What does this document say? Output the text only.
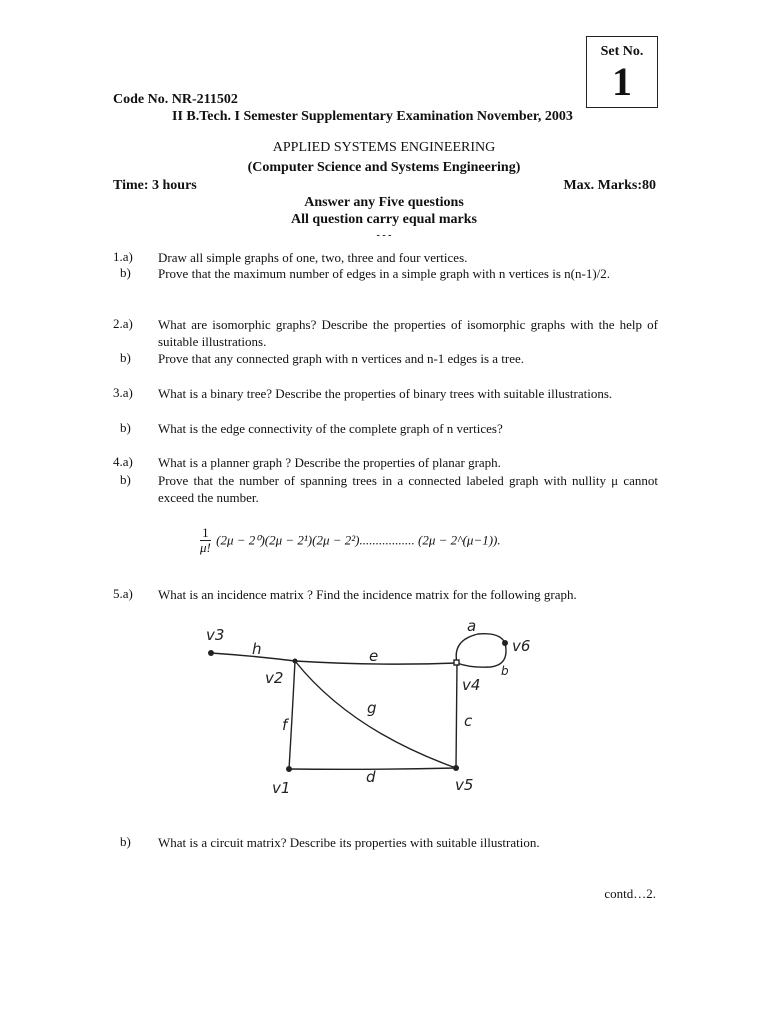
Set No.
1
Code No. NR-211502
II B.Tech. I Semester Supplementary Examination November, 2003
APPLIED SYSTEMS ENGINEERING
(Computer Science and Systems Engineering)
Time: 3 hours	Max. Marks:80
Answer any Five questions
All question carry equal marks
- - -
1.a)	Draw all simple graphs of one, two, three and four vertices.
b)	Prove that the maximum number of edges in a simple graph with n vertices is n(n-1)/2.
2.a)	What are isomorphic graphs? Describe the properties of isomorphic graphs with the help of suitable illustrations.
b)	Prove that any connected graph with n vertices and n-1 edges is a tree.
3.a)	What is a binary tree? Describe the properties of binary trees with suitable illustrations.
b)	What is the edge connectivity of the complete graph of n vertices?
4.a)	What is a planner graph ? Describe the properties of planar graph.
b)	Prove that the number of spanning trees in a connected labeled graph with nullity μ cannot exceed the number.
$\frac{1}{\mu!} (2\mu - 2^0)(2\mu - 2^1)(2\mu - 2^2)$................. (2μ − 2^(μ−1)).
5.a)	What is an incidence matrix ? Find the incidence matrix for the following graph.
v3
v2	v4
v6
v1	v5
h	e
f
g
d
c
a
b
b)	What is a circuit matrix? Describe its properties with suitable illustration.
contd…2.
